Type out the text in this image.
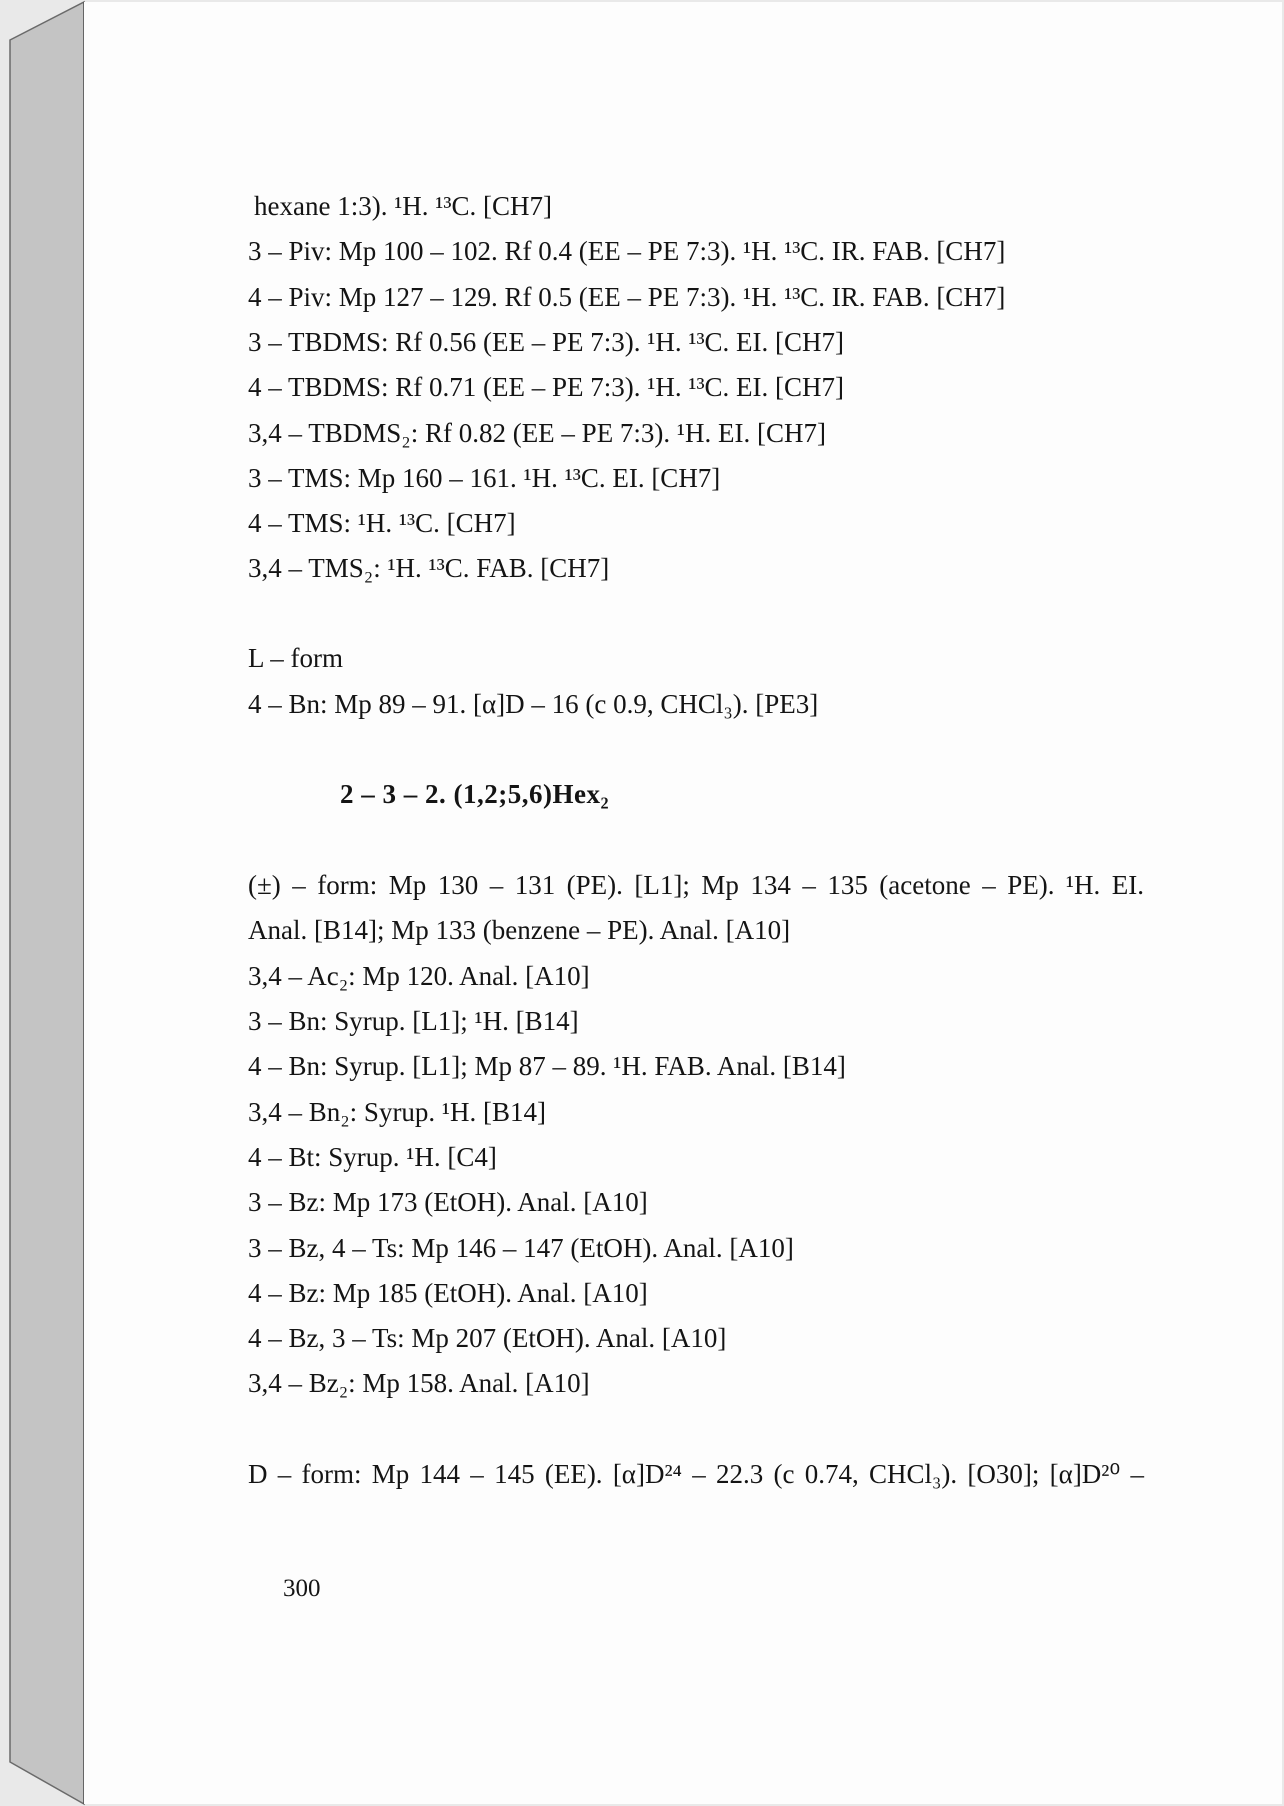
hexane 1:3). ¹H. ¹³C. [CH7]
3 – Piv: Mp 100 – 102. Rf 0.4 (EE – PE 7:3). ¹H. ¹³C. IR. FAB. [CH7]
4 – Piv: Mp 127 – 129. Rf 0.5 (EE – PE 7:3). ¹H. ¹³C. IR. FAB. [CH7]
3 – TBDMS: Rf 0.56 (EE – PE 7:3). ¹H. ¹³C. EI. [CH7]
4 – TBDMS: Rf 0.71 (EE – PE 7:3). ¹H. ¹³C. EI. [CH7]
3,4 – TBDMS₂: Rf 0.82 (EE – PE 7:3). ¹H. EI. [CH7]
3 – TMS: Mp 160 – 161. ¹H. ¹³C. EI. [CH7]
4 – TMS: ¹H. ¹³C. [CH7]
3,4 – TMS₂: ¹H. ¹³C. FAB. [CH7]
L – form
4 – Bn: Mp 89 – 91. [α]D – 16 (c 0.9, CHCl₃). [PE3]
2 – 3 – 2. (1,2;5,6)Hex₂
(±) – form: Mp 130 – 131 (PE). [L1]; Mp 134 – 135 (acetone – PE). ¹H. EI.
Anal. [B14]; Mp 133 (benzene – PE). Anal. [A10]
3,4 – Ac₂: Mp 120. Anal. [A10]
3 – Bn: Syrup. [L1]; ¹H. [B14]
4 – Bn: Syrup. [L1]; Mp 87 – 89. ¹H. FAB. Anal. [B14]
3,4 – Bn₂: Syrup. ¹H. [B14]
4 – Bt: Syrup. ¹H. [C4]
3 – Bz: Mp 173 (EtOH). Anal. [A10]
3 – Bz, 4 – Ts: Mp 146 – 147 (EtOH). Anal. [A10]
4 – Bz: Mp 185 (EtOH). Anal. [A10]
4 – Bz, 3 – Ts: Mp 207 (EtOH). Anal. [A10]
3,4 – Bz₂: Mp 158. Anal. [A10]
D – form: Mp 144 – 145 (EE). [α]D²⁴ – 22.3 (c 0.74, CHCl₃). [O30]; [α]D²⁰ –
300
